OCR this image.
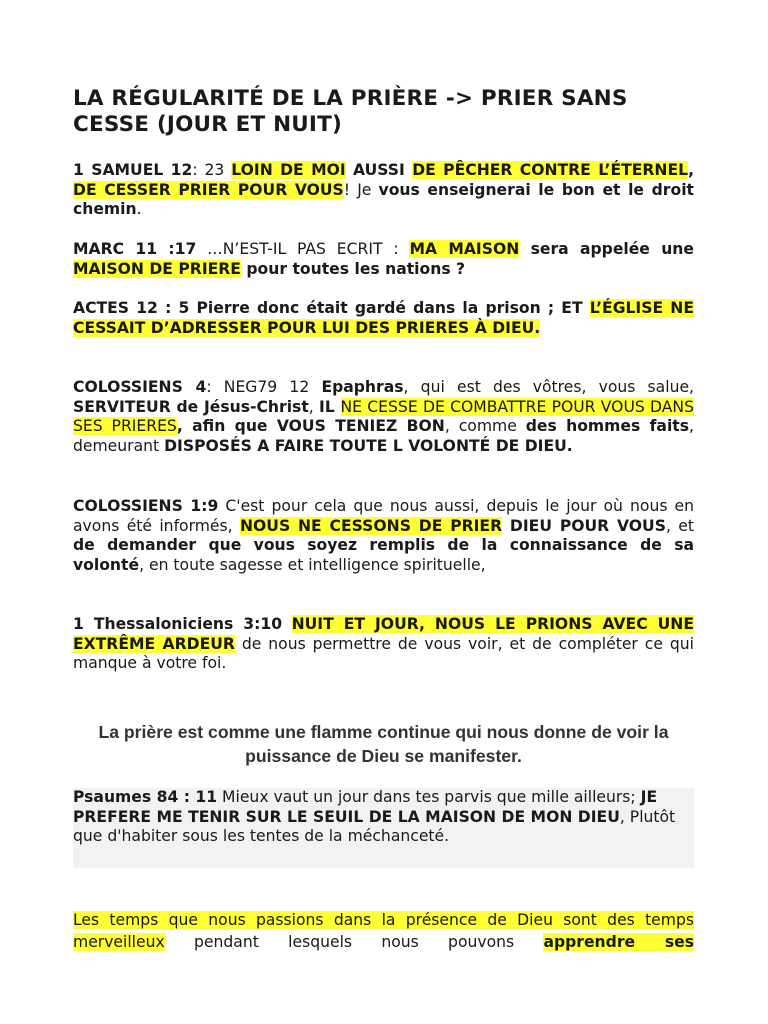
LA RÉGULARITÉ DE LA PRIÈRE -> PRIER SANS CESSE (JOUR ET NUIT)

1 SAMUEL 12: 23 LOIN DE MOI AUSSI DE PÊCHER CONTRE L’ÉTERNEL, DE CESSER PRIER POUR VOUS! Je vous enseignerai le bon et le droit chemin.

MARC 11 :17 …N’EST-IL PAS ECRIT : MA MAISON sera appelée une MAISON DE PRIERE pour toutes les nations ?

ACTES 12 : 5 Pierre donc était gardé dans la prison ; ET L’ÉGLISE NE CESSAIT D’ADRESSER POUR LUI DES PRIERES À DIEU.

COLOSSIENS 4: NEG79 12 Epaphras, qui est des vôtres, vous salue, SERVITEUR de Jésus-Christ, IL NE CESSE DE COMBATTRE POUR VOUS DANS SES PRIERES, afin que VOUS TENIEZ BON, comme des hommes faits, demeurant DISPOSÉS A FAIRE TOUTE L VOLONTÉ DE DIEU.

COLOSSIENS 1:9 C'est pour cela que nous aussi, depuis le jour où nous en avons été informés, NOUS NE CESSONS DE PRIER DIEU POUR VOUS, et de demander que vous soyez remplis de la connaissance de sa volonté, en toute sagesse et intelligence spirituelle,

1 Thessaloniciens 3:10 NUIT ET JOUR, NOUS LE PRIONS AVEC UNE EXTRÊME ARDEUR de nous permettre de vous voir, et de compléter ce qui manque à votre foi.

La prière est comme une flamme continue qui nous donne de voir la puissance de Dieu se manifester.

Psaumes 84 : 11 Mieux vaut un jour dans tes parvis que mille ailleurs; JE PREFERE ME TENIR SUR LE SEUIL DE LA MAISON DE MON DIEU, Plutôt que d'habiter sous les tentes de la méchanceté.

Les temps que nous passions dans la présence de Dieu sont des temps merveilleux pendant lesquels nous pouvons apprendre ses
